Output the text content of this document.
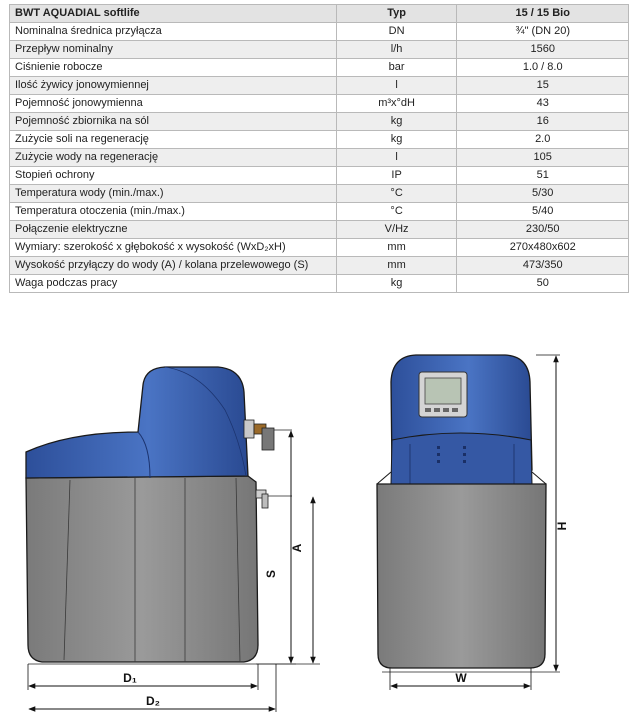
BWT AQUADIAL softlife	Typ	15 / 15 Bio
Nominalna średnica przyłącza	DN	¾" (DN 20)
Przepływ nominalny	l/h	1560
Ciśnienie robocze	bar	1.0 / 8.0
Ilość żywicy jonowymiennej	l	15
Pojemność jonowymienna	m³x°dH	43
Pojemność zbiornika na sól	kg	16
Zużycie soli na regenerację	kg	2.0
Zużycie wody na regenerację	l	105
Stopień ochrony	IP	51
Temperatura wody (min./max.)	°C	5/30
Temperatura otoczenia (min./max.)	°C	5/40
Połączenie elektryczne	V/Hz	230/50
Wymiary: szerokość x głębokość x wysokość (WxD₂xH)	mm	270x480x602
Wysokość przyłączy do wody (A) / kolana przelewowego (S)	mm	473/350
Waga podczas pracy	kg	50
A
S
D₁
D₂
H
W
